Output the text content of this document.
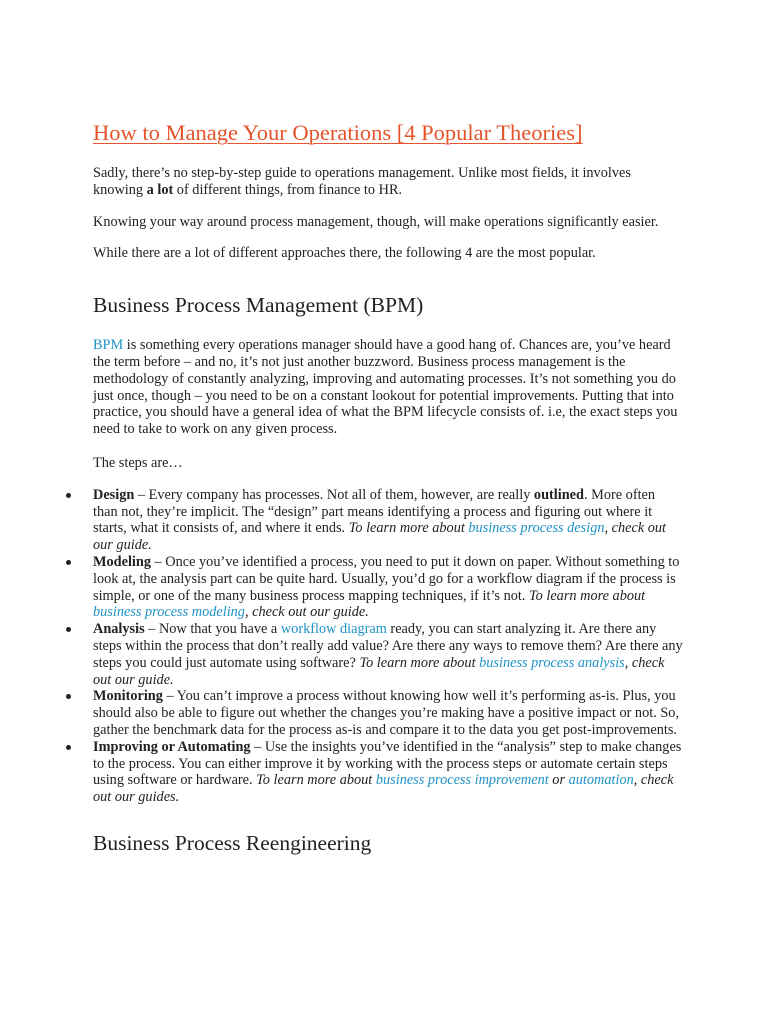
How to Manage Your Operations [4 Popular Theories]

Sadly, there’s no step-by-step guide to operations management. Unlike most fields, it involves knowing a lot of different things, from finance to HR.

Knowing your way around process management, though, will make operations significantly easier.

While there are a lot of different approaches there, the following 4 are the most popular.

Business Process Management (BPM)

BPM is something every operations manager should have a good hang of. Chances are, you’ve heard the term before – and no, it’s not just another buzzword. Business process management is the methodology of constantly analyzing, improving and automating processes. It’s not something you do just once, though – you need to be on a constant lookout for potential improvements. Putting that into practice, you should have a general idea of what the BPM lifecycle consists of. i.e, the exact steps you need to take to work on any given process.

The steps are…

Design – Every company has processes. Not all of them, however, are really outlined. More often than not, they’re implicit. The “design” part means identifying a process and figuring out where it starts, what it consists of, and where it ends. To learn more about business process design, check out our guide.
Modeling – Once you’ve identified a process, you need to put it down on paper. Without something to look at, the analysis part can be quite hard. Usually, you’d go for a workflow diagram if the process is simple, or one of the many business process mapping techniques, if it’s not. To learn more about business process modeling, check out our guide.
Analysis – Now that you have a workflow diagram ready, you can start analyzing it. Are there any steps within the process that don’t really add value? Are there any ways to remove them? Are there any steps you could just automate using software? To learn more about business process analysis, check out our guide.
Monitoring – You can’t improve a process without knowing how well it’s performing as-is. Plus, you should also be able to figure out whether the changes you’re making have a positive impact or not. So, gather the benchmark data for the process as-is and compare it to the data you get post-improvements.
Improving or Automating – Use the insights you’ve identified in the “analysis” step to make changes to the process. You can either improve it by working with the process steps or automate certain steps using software or hardware. To learn more about business process improvement or automation, check out our guides.
Business Process Reengineering
